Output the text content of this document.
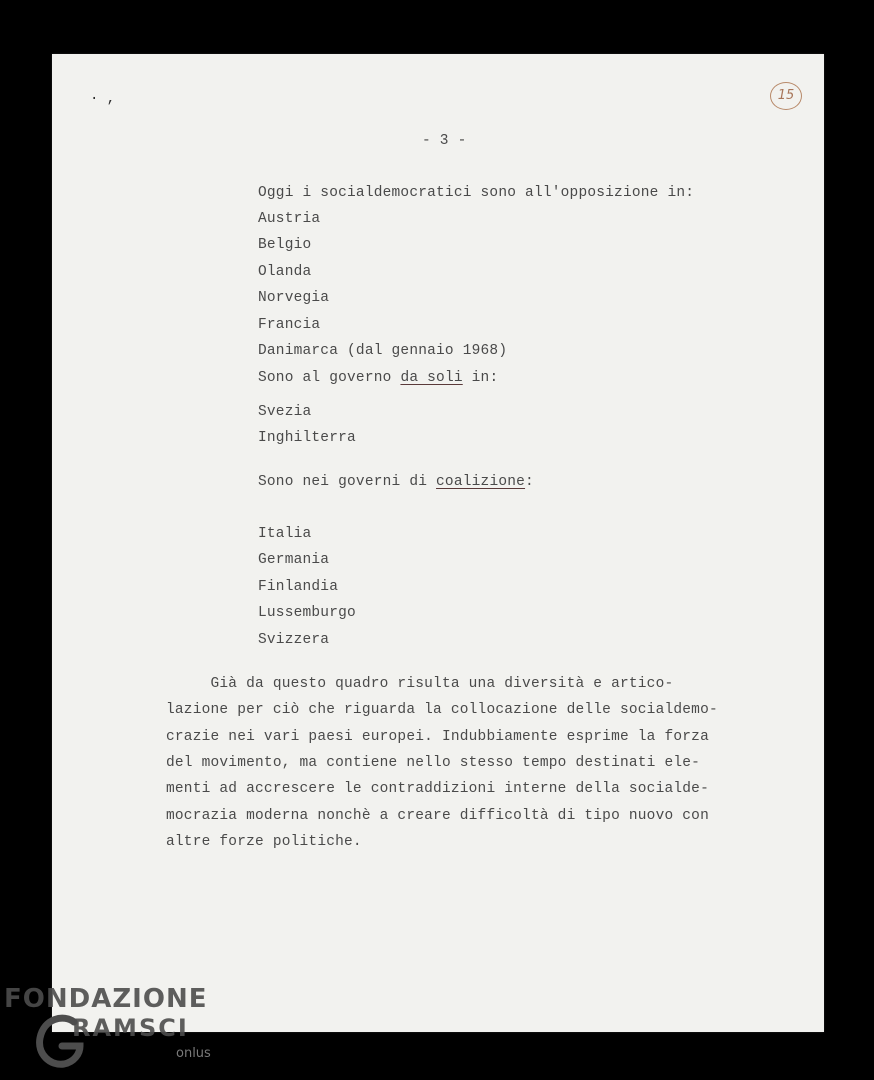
· ,	15
- 3 -
Oggi i socialdemocratici sono all'opposizione in:
Austria
Belgio
Olanda
Norvegia
Francia
Danimarca (dal gennaio 1968)
Sono al governo da soli in:
Svezia
Inghilterra
Sono nei governi di coalizione:
Italia
Germania
Finlandia
Lussemburgo
Svizzera
Già da questo quadro risulta una diversità e artico-
lazione per ciò che riguarda la collocazione delle socialdemo-
crazie nei vari paesi europei. Indubbiamente esprime la forza
del movimento, ma contiene nello stesso tempo destinati ele-
menti ad accrescere le contraddizioni interne della socialde-
mocrazia moderna nonchè a creare difficoltà di tipo nuovo con
altre forze politiche.
FONDAZIONE
RAMSCI
onlus
